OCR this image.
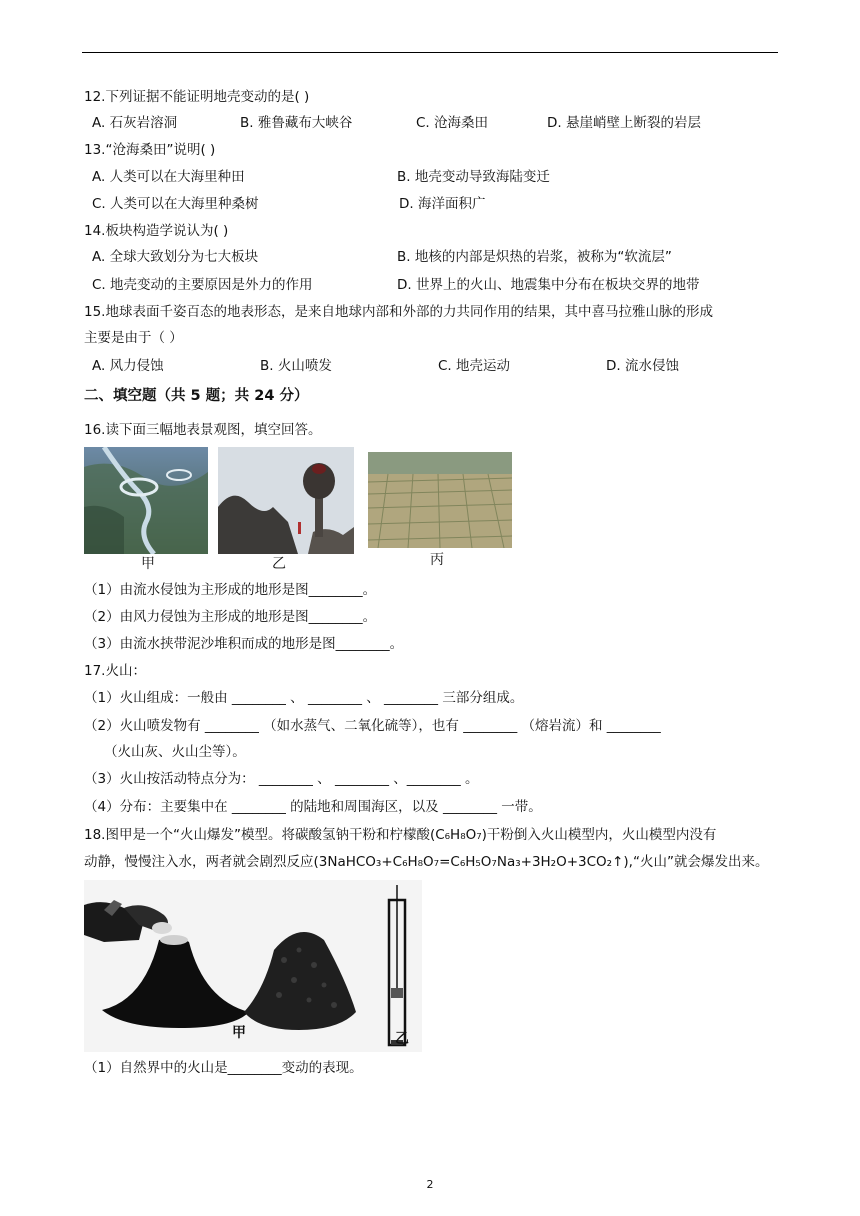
12.下列证据不能证明地壳变动的是( )
A. 石灰岩溶洞	B. 雅鲁藏布大峡谷	C. 沧海桑田	D. 悬崖峭壁上断裂的岩层
13.“沧海桑田”说明( )
A. 人类可以在大海里种田	B. 地壳变动导致海陆变迁
C. 人类可以在大海里种桑树	D. 海洋面积广
14.板块构造学说认为( )
A. 全球大致划分为七大板块	B. 地核的内部是炽热的岩浆，被称为“软流层”
C. 地壳变动的主要原因是外力的作用	D. 世界上的火山、地震集中分布在板块交界的地带
15.地球表面千姿百态的地表形态，是来自地球内部和外部的力共同作用的结果，其中喜马拉雅山脉的形成
主要是由于（ ）
A. 风力侵蚀	B. 火山喷发	C. 地壳运动	D. 流水侵蚀
二、填空题（共 5 题；共 24 分）
16.读下面三幅地表景观图，填空回答。
甲	乙	丙
（1）由流水侵蚀为主形成的地形是图________。
（2）由风力侵蚀为主形成的地形是图________。
（3）由流水挟带泥沙堆积而成的地形是图________。
17.火山：
（1）火山组成：一般由 ________ 、 ________ 、 ________ 三部分组成。
（2）火山喷发物有 ________ （如水蒸气、二氧化硫等），也有 ________ （熔岩流）和 ________
（火山灰、火山尘等）。
（3）火山按活动特点分为： ________ 、 ________ 、________ 。
（4）分布：主要集中在 ________ 的陆地和周围海区，以及 ________ 一带。
18.图甲是一个“火山爆发”模型。将碳酸氢钠干粉和柠檬酸(C₆H₈O₇)干粉倒入火山模型内，火山模型内没有
动静，慢慢注入水，两者就会剧烈反应(3NaHCO₃+C₆H₈O₇=C₆H₅O₇Na₃+3H₂O+3CO₂↑),“火山”就会爆发出来。
甲	乙
（1）自然界中的火山是________变动的表现。
2
